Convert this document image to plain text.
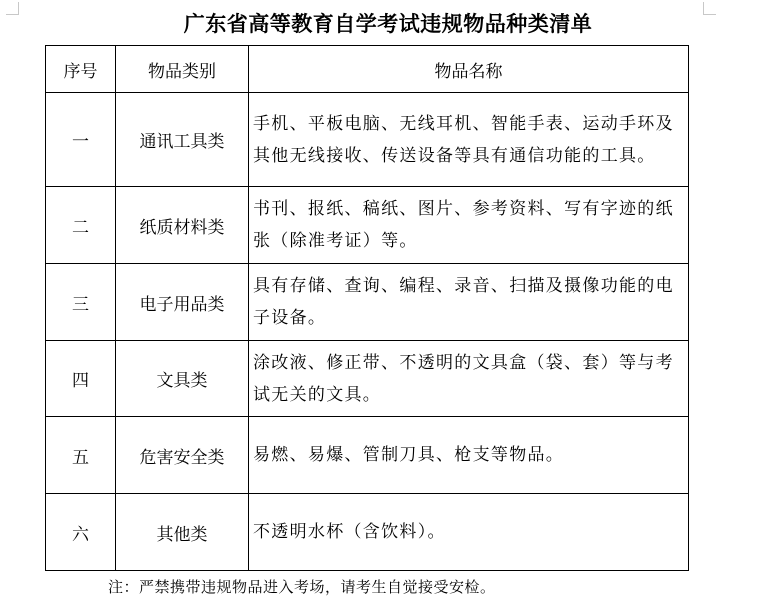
广东省高等教育自学考试违规物品种类清单
序号	物品类别	物品名称
一	通讯工具类	手机、平板电脑、无线耳机、智能手表、运动手环及其他无线接收、传送设备等具有通信功能的工具。
二	纸质材料类	书刊、报纸、稿纸、图片、参考资料、写有字迹的纸张（除准考证）等。
三	电子用品类	具有存储、查询、编程、录音、扫描及摄像功能的电子设备。
四	文具类	涂改液、修正带、不透明的文具盒（袋、套）等与考试无关的文具。
五	危害安全类	易燃、易爆、管制刀具、枪支等物品。
六	其他类	不透明水杯（含饮料）。
注：严禁携带违规物品进入考场，请考生自觉接受安检。
